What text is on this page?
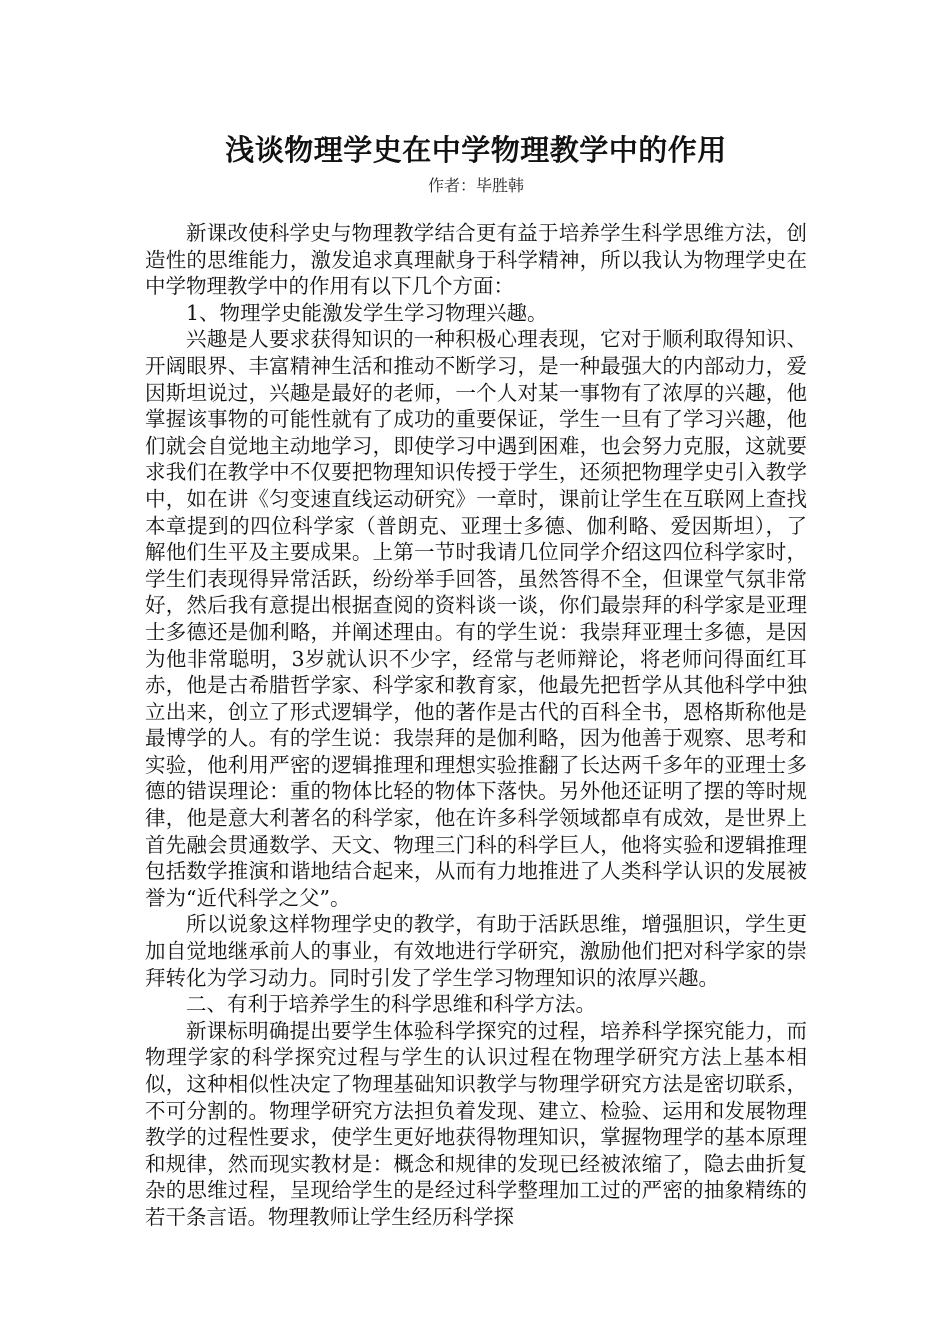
浅谈物理学史在中学物理教学中的作用
作者：毕胜韩

新课改使科学史与物理教学结合更有益于培养学生科学思维方法，创造性的思维能力，激发追求真理献身于科学精神，所以我认为物理学史在中学物理教学中的作用有以下几个方面：

1、物理学史能激发学生学习物理兴趣。

兴趣是人要求获得知识的一种积极心理表现，它对于顺利取得知识、开阔眼界、丰富精神生活和推动不断学习，是一种最强大的内部动力，爱因斯坦说过，兴趣是最好的老师，一个人对某一事物有了浓厚的兴趣，他掌握该事物的可能性就有了成功的重要保证，学生一旦有了学习兴趣，他们就会自觉地主动地学习，即使学习中遇到困难，也会努力克服，这就要求我们在教学中不仅要把物理知识传授于学生，还须把物理学史引入教学中，如在讲《匀变速直线运动研究》一章时，课前让学生在互联网上查找本章提到的四位科学家（普朗克、亚理士多德、伽利略、爱因斯坦），了解他们生平及主要成果。上第一节时我请几位同学介绍这四位科学家时，学生们表现得异常活跃，纷纷举手回答，虽然答得不全，但课堂气氛非常好，然后我有意提出根据查阅的资料谈一谈，你们最崇拜的科学家是亚理士多德还是伽利略，并阐述理由。有的学生说：我崇拜亚理士多德，是因为他非常聪明，3岁就认识不少字，经常与老师辩论，将老师问得面红耳赤，他是古希腊哲学家、科学家和教育家，他最先把哲学从其他科学中独立出来，创立了形式逻辑学，他的著作是古代的百科全书，恩格斯称他是最博学的人。有的学生说：我崇拜的是伽利略，因为他善于观察、思考和实验，他利用严密的逻辑推理和理想实验推翻了长达两千多年的亚理士多德的错误理论：重的物体比轻的物体下落快。另外他还证明了摆的等时规律，他是意大利著名的科学家，他在许多科学领域都卓有成效，是世界上首先融会贯通数学、天文、物理三门科的科学巨人，他将实验和逻辑推理包括数学推演和谐地结合起来，从而有力地推进了人类科学认识的发展被誉为“近代科学之父”。

所以说象这样物理学史的教学，有助于活跃思维，增强胆识，学生更加自觉地继承前人的事业，有效地进行学研究，激励他们把对科学家的崇拜转化为学习动力。同时引发了学生学习物理知识的浓厚兴趣。

二、有利于培养学生的科学思维和科学方法。

新课标明确提出要学生体验科学探究的过程，培养科学探究能力，而物理学家的科学探究过程与学生的认识过程在物理学研究方法上基本相似，这种相似性决定了物理基础知识教学与物理学研究方法是密切联系，不可分割的。物理学研究方法担负着发现、建立、检验、运用和发展物理教学的过程性要求，使学生更好地获得物理知识，掌握物理学的基本原理和规律，然而现实教材是：概念和规律的发现已经被浓缩了，隐去曲折复杂的思维过程，呈现给学生的是经过科学整理加工过的严密的抽象精练的若干条言语。物理教师让学生经历科学探
